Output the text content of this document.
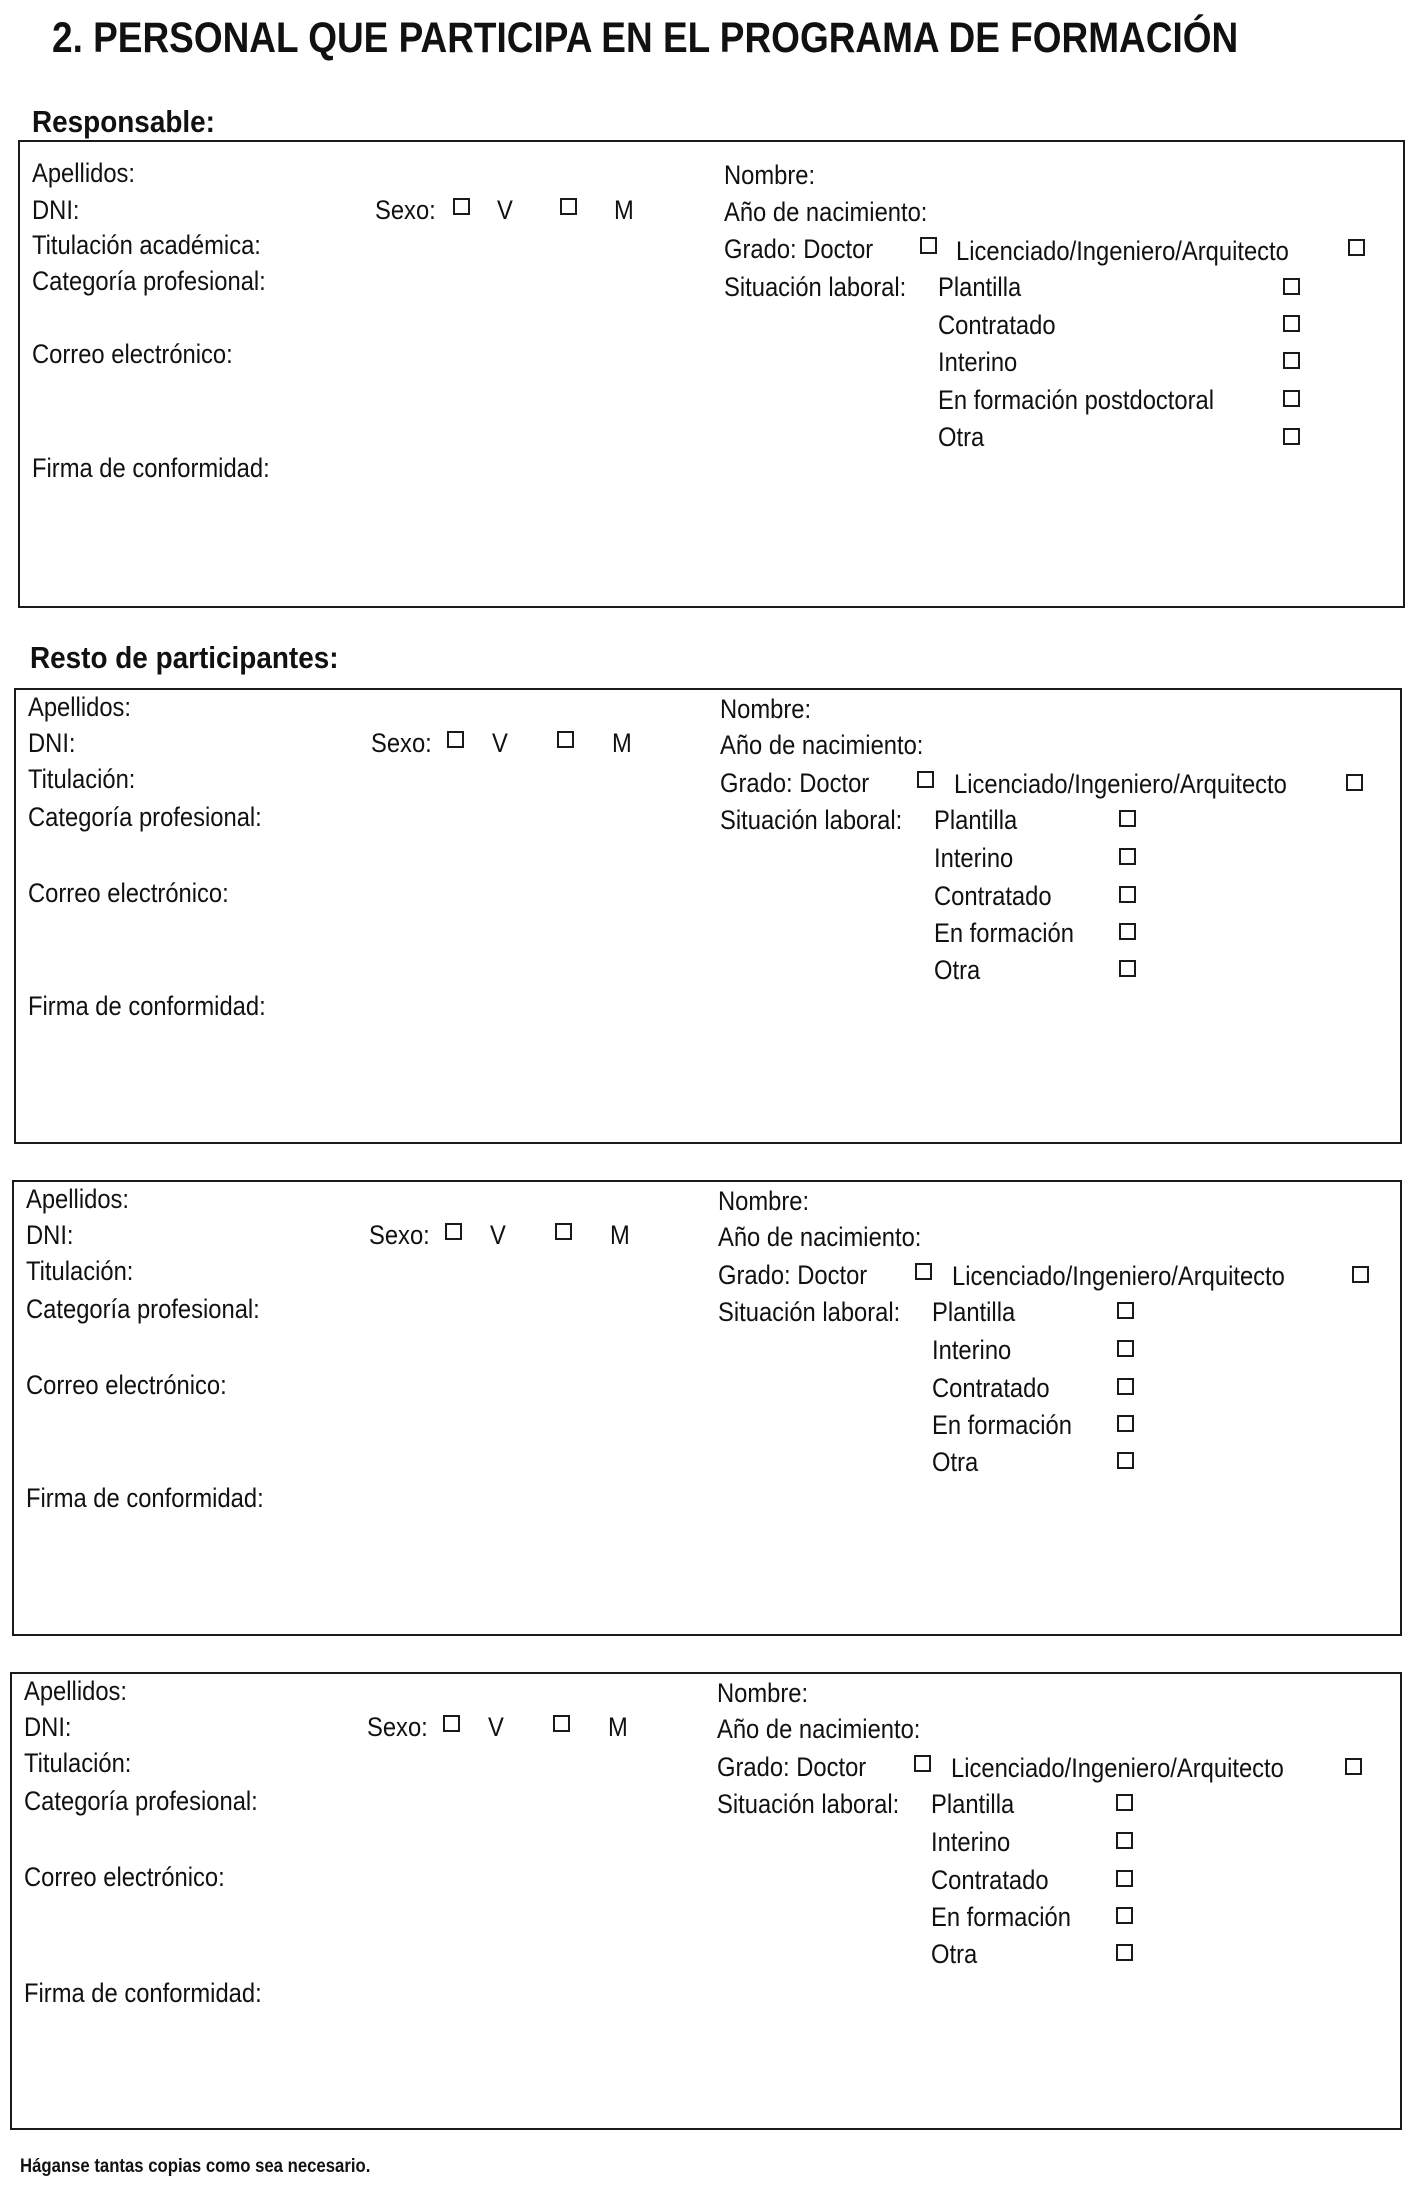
2. PERSONAL QUE PARTICIPA EN EL PROGRAMA DE FORMACIÓN
Responsable:
Apellidos:
DNI:
Titulación académica:
Categoría profesional:
Correo electrónico:
Firma de conformidad:
Sexo: V	M
Nombre:
Año de nacimiento:
Grado: Doctor	Licenciado/Ingeniero/Arquitecto
Situación laboral: Plantilla
Contratado
Interino
En formación postdoctoral
Otra
Resto de participantes:
Apellidos:
DNI:
Titulación:
Categoría profesional:
Correo electrónico:
Firma de conformidad:
Sexo: V	M
Nombre:
Año de nacimiento:
Grado: Doctor	Licenciado/Ingeniero/Arquitecto
Situación laboral: Plantilla
Interino
Contratado
En formación
Otra
Apellidos:
DNI:
Titulación:
Categoría profesional:
Correo electrónico:
Firma de conformidad:
Sexo: V	M
Nombre:
Año de nacimiento:
Grado: Doctor	Licenciado/Ingeniero/Arquitecto
Situación laboral: Plantilla
Interino
Contratado
En formación
Otra
Apellidos:
DNI:
Titulación:
Categoría profesional:
Correo electrónico:
Firma de conformidad:
Sexo: V	M
Nombre:
Año de nacimiento:
Grado: Doctor	Licenciado/Ingeniero/Arquitecto
Situación laboral: Plantilla
Interino
Contratado
En formación
Otra
Háganse tantas copias como sea necesario.
